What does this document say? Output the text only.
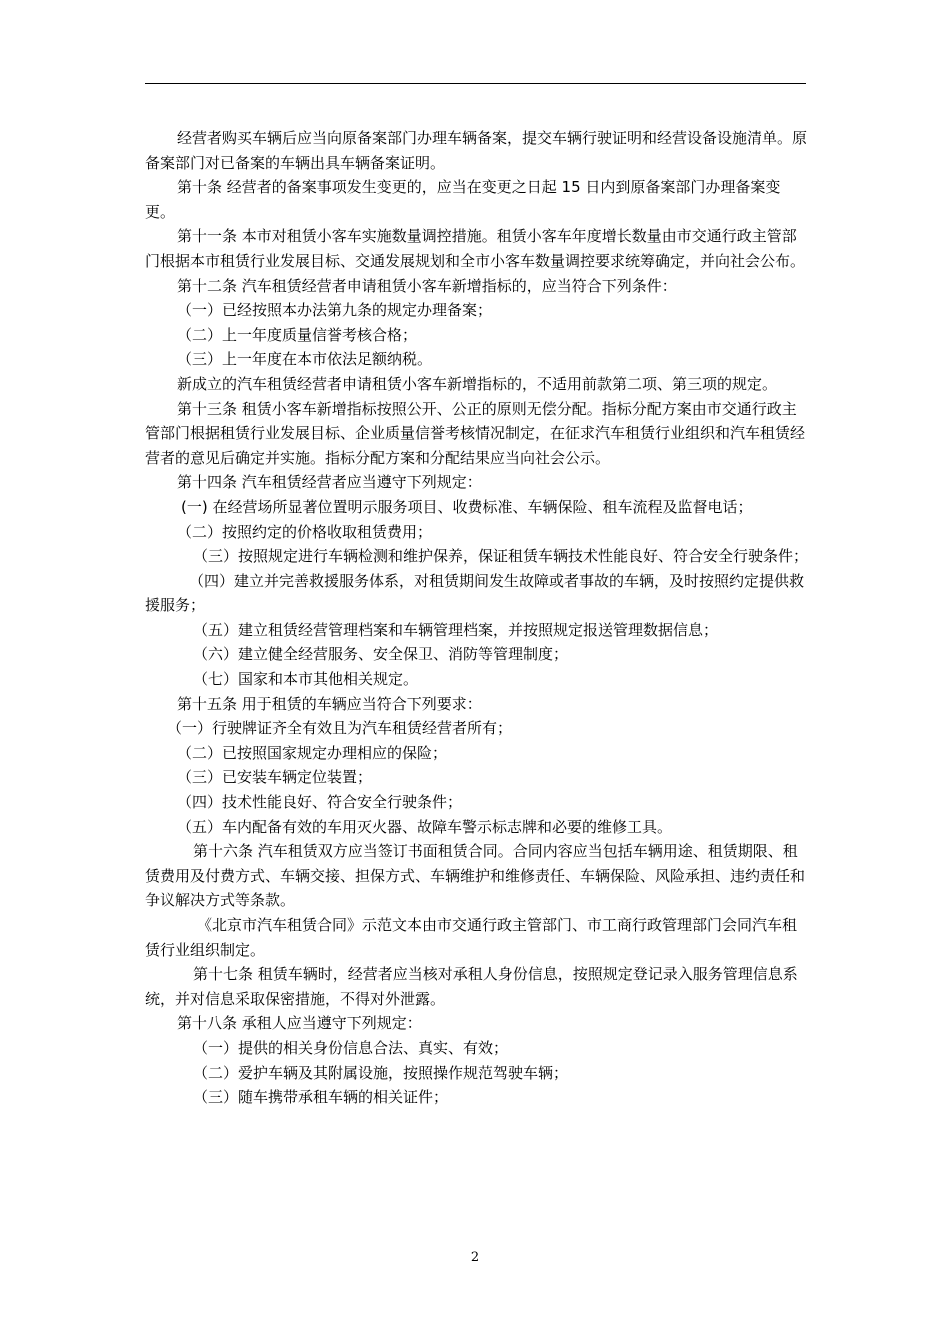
经营者购买车辆后应当向原备案部门办理车辆备案，提交车辆行驶证明和经营设备设施清单。原备案部门对已备案的车辆出具车辆备案证明。

第十条 经营者的备案事项发生变更的，应当在变更之日起 15 日内到原备案部门办理备案变更。

第十一条 本市对租赁小客车实施数量调控措施。租赁小客车年度增长数量由市交通行政主管部门根据本市租赁行业发展目标、交通发展规划和全市小客车数量调控要求统筹确定，并向社会公布。

第十二条 汽车租赁经营者申请租赁小客车新增指标的，应当符合下列条件：

（一）已经按照本办法第九条的规定办理备案；

（二）上一年度质量信誉考核合格；

（三）上一年度在本市依法足额纳税。

新成立的汽车租赁经营者申请租赁小客车新增指标的，不适用前款第二项、第三项的规定。

第十三条 租赁小客车新增指标按照公开、公正的原则无偿分配。指标分配方案由市交通行政主管部门根据租赁行业发展目标、企业质量信誉考核情况制定，在征求汽车租赁行业组织和汽车租赁经营者的意见后确定并实施。指标分配方案和分配结果应当向社会公示。

第十四条 汽车租赁经营者应当遵守下列规定：

(一) 在经营场所显著位置明示服务项目、收费标准、车辆保险、租车流程及监督电话；

（二）按照约定的价格收取租赁费用；

（三）按照规定进行车辆检测和维护保养，保证租赁车辆技术性能良好、符合安全行驶条件；

（四）建立并完善救援服务体系，对租赁期间发生故障或者事故的车辆，及时按照约定提供救援服务；

（五）建立租赁经营管理档案和车辆管理档案，并按照规定报送管理数据信息；

（六）建立健全经营服务、安全保卫、消防等管理制度；

（七）国家和本市其他相关规定。

第十五条 用于租赁的车辆应当符合下列要求：

（一）行驶牌证齐全有效且为汽车租赁经营者所有；

（二）已按照国家规定办理相应的保险；

（三）已安装车辆定位装置；

（四）技术性能良好、符合安全行驶条件；

（五）车内配备有效的车用灭火器、故障车警示标志牌和必要的维修工具。

第十六条 汽车租赁双方应当签订书面租赁合同。合同内容应当包括车辆用途、租赁期限、租赁费用及付费方式、车辆交接、担保方式、车辆维护和维修责任、车辆保险、风险承担、违约责任和争议解决方式等条款。

《北京市汽车租赁合同》示范文本由市交通行政主管部门、市工商行政管理部门会同汽车租赁行业组织制定。

第十七条 租赁车辆时，经营者应当核对承租人身份信息，按照规定登记录入服务管理信息系统，并对信息采取保密措施，不得对外泄露。

第十八条 承租人应当遵守下列规定：

（一）提供的相关身份信息合法、真实、有效；

（二）爱护车辆及其附属设施，按照操作规范驾驶车辆；

（三）随车携带承租车辆的相关证件；

2
